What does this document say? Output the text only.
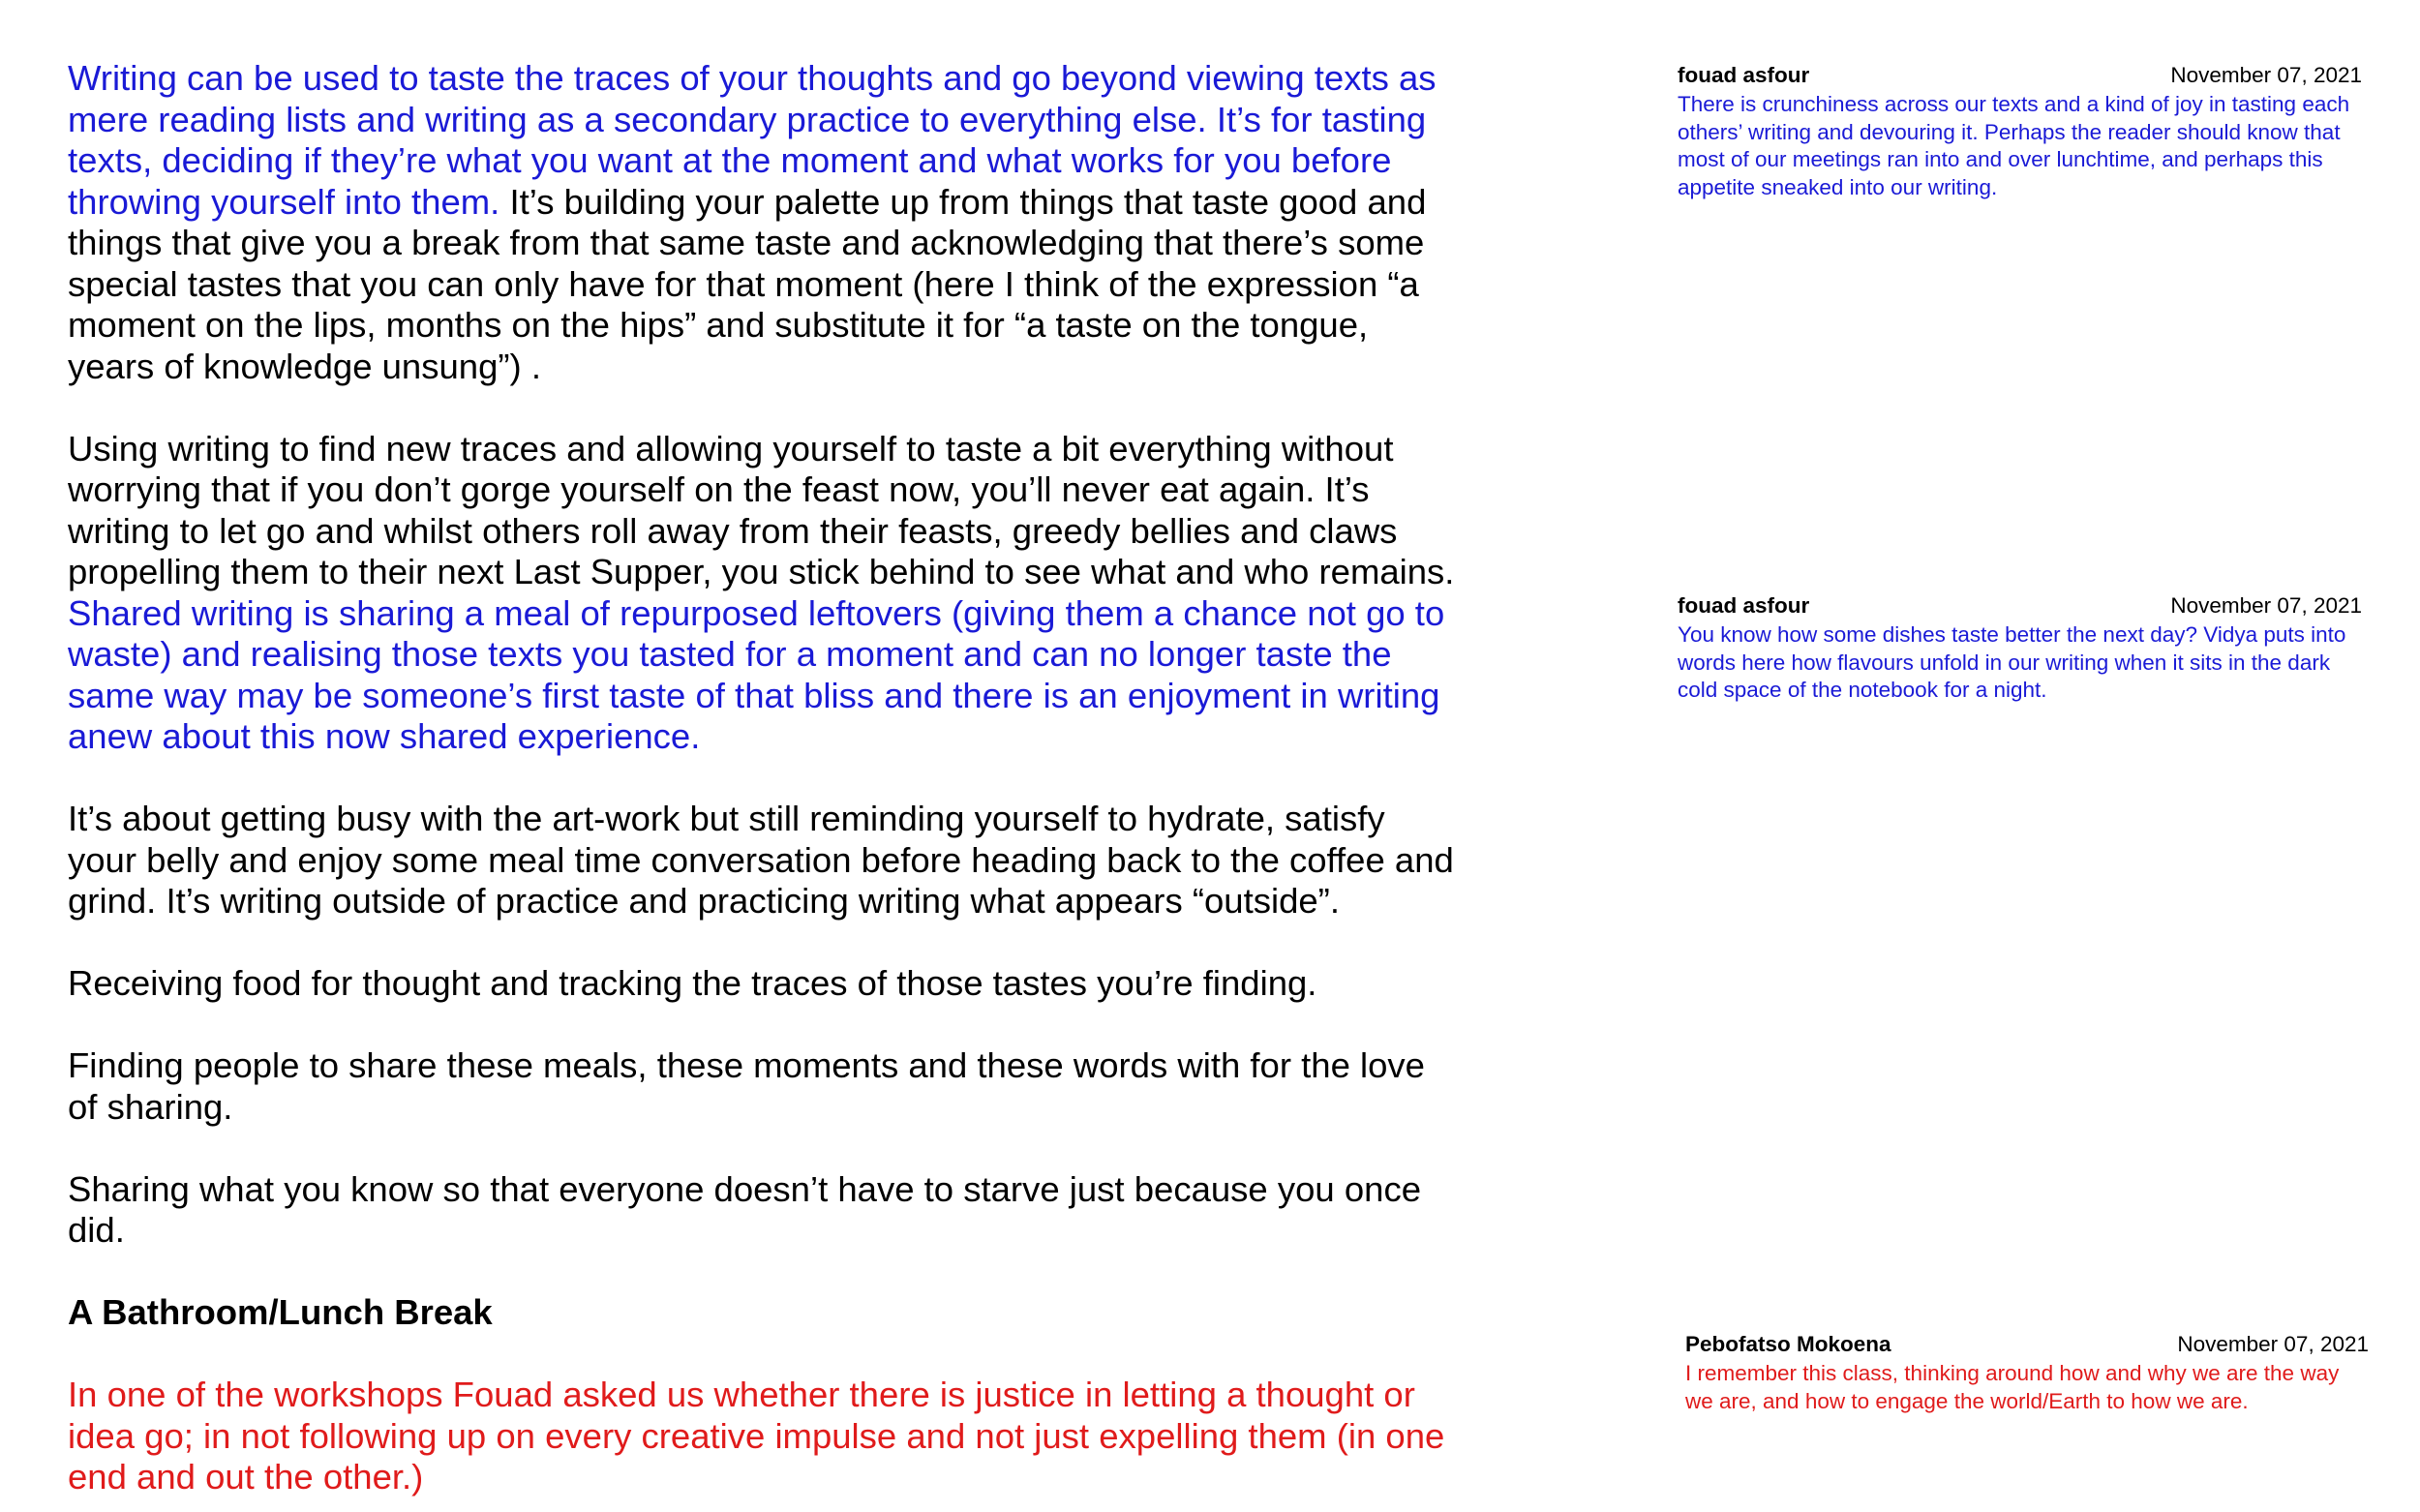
Writing can be used to taste the traces of your thoughts and go beyond viewing texts as mere reading lists and writing as a secondary practice to everything else. It’s for tasting texts, deciding if they’re what you want at the moment and what works for you before throwing yourself into them. It’s building your palette up from things that taste good and things that give you a break from that same taste and acknowledging that there’s some special tastes that you can only have for that moment (here I think of the expression “a moment on the lips, months on the hips” and substitute it for “a taste on the tongue, years of knowledge unsung”) .

Using writing to find new traces and allowing yourself to taste a bit everything without worrying that if you don’t gorge yourself on the feast now, you’ll never eat again. It’s writing to let go and whilst others roll away from their feasts, greedy bellies and claws propelling them to their next Last Supper, you stick behind to see what and who remains.
Shared writing is sharing a meal of repurposed leftovers (giving them a chance not go to waste) and realising those texts you tasted for a moment and can no longer taste the same way may be someone’s first taste of that bliss and there is an enjoyment in writing anew about this now shared experience.

It’s about getting busy with the art-work but still reminding yourself to hydrate, satisfy your belly and enjoy some meal time conversation before heading back to the coffee and grind. It’s writing outside of practice and practicing writing what appears “outside”.

Receiving food for thought and tracking the traces of those tastes you’re finding.

Finding people to share these meals, these moments and these words with for the love of sharing.

Sharing what you know so that everyone doesn’t have to starve just because you once did.

A Bathroom/Lunch Break

In one of the workshops Fouad asked us whether there is justice in letting a thought or idea go; in not following up on every creative impulse and not just expelling them (in one end and out the other.)

fouad asfour	November 07, 2021

There is crunchiness across our texts and a kind of joy in tasting each others’ writing and devouring it. Perhaps the reader should know that most of our meetings ran into and over lunchtime, and perhaps this appetite sneaked into our writing.

fouad asfour	November 07, 2021

You know how some dishes taste better the next day? Vidya puts into words here how flavours unfold in our writing when it sits in the dark cold space of the notebook for a night.

Pebofatso Mokoena	November 07, 2021

I remember this class, thinking around how and why we are the way we are, and how to engage the world/Earth to how we are.
